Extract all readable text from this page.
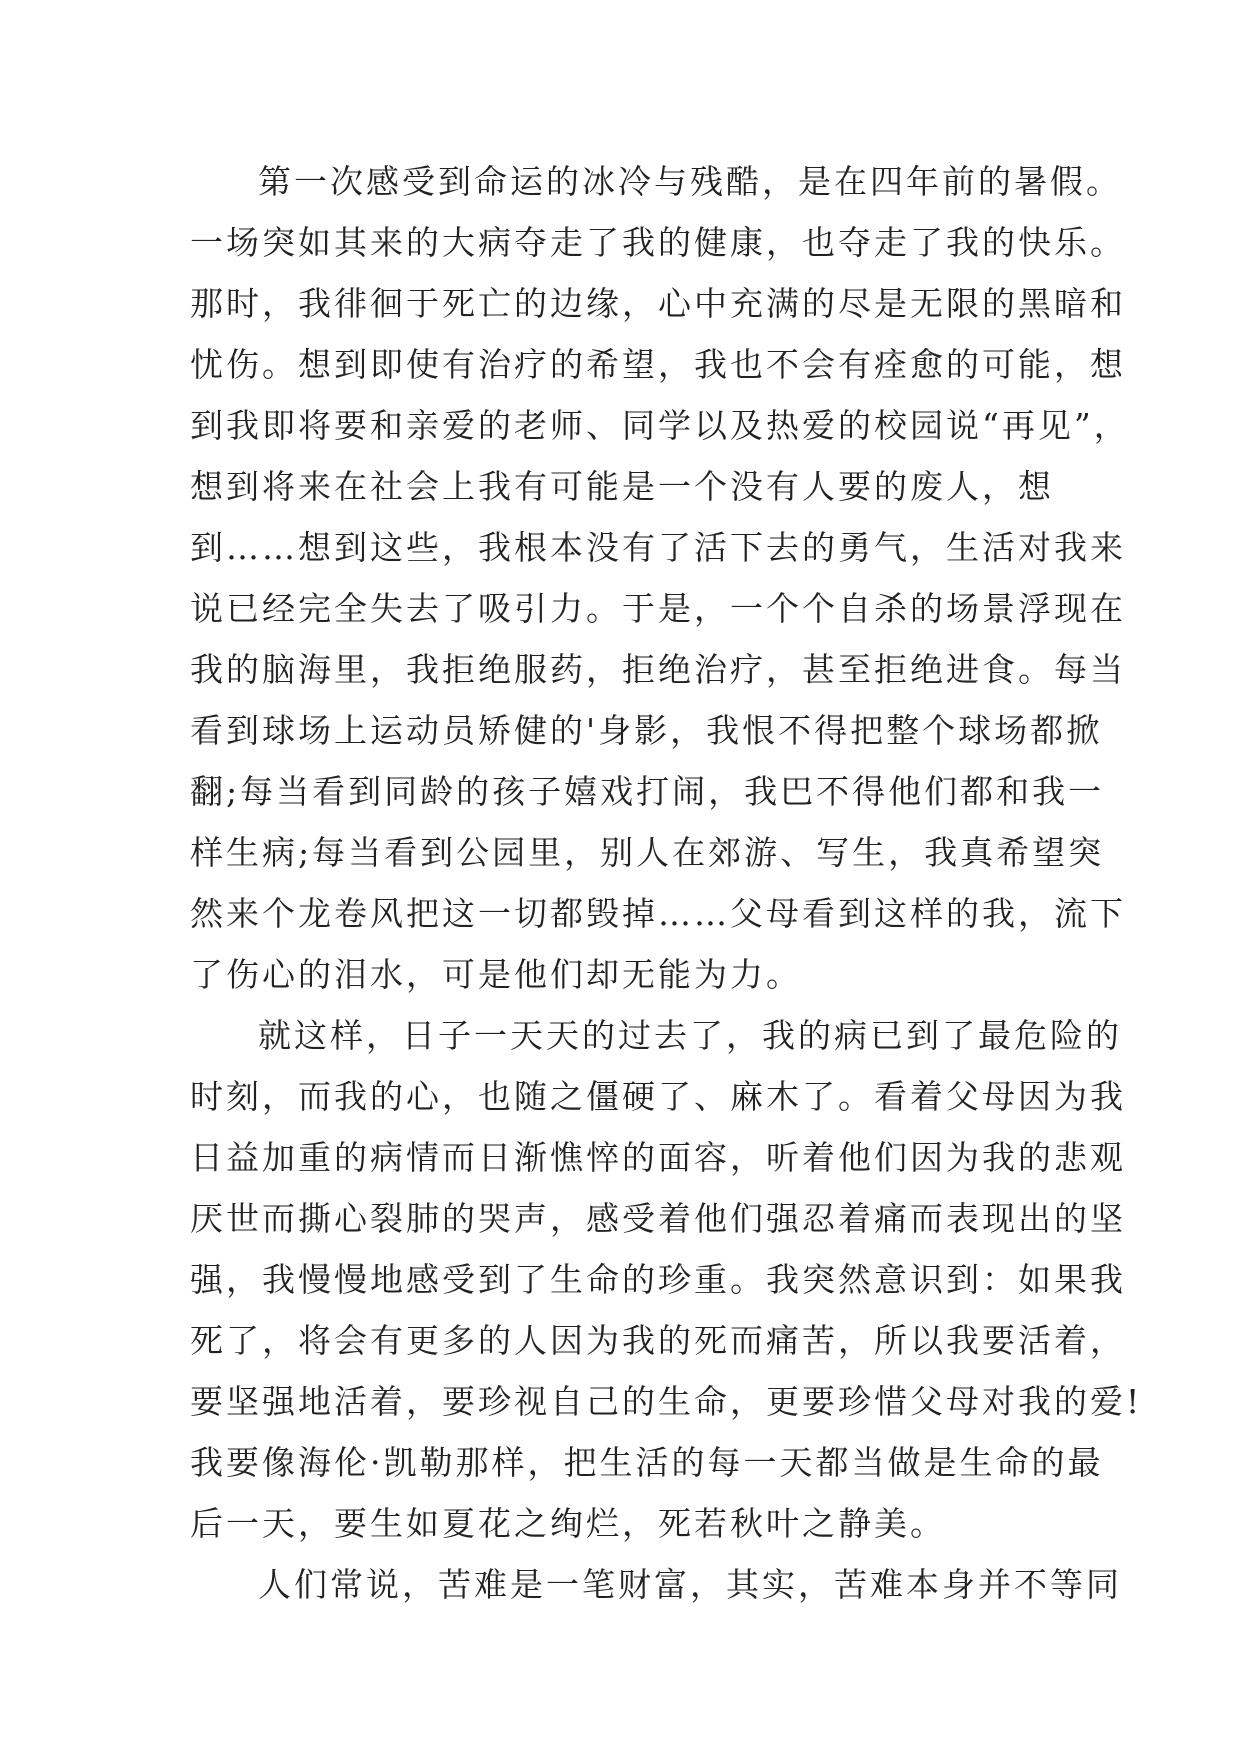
第一次感受到命运的冰冷与残酷，是在四年前的暑假。
一场突如其来的大病夺走了我的健康，也夺走了我的快乐。
那时，我徘徊于死亡的边缘，心中充满的尽是无限的黑暗和
忧伤。想到即使有治疗的希望，我也不会有痊愈的可能，想
到我即将要和亲爱的老师、同学以及热爱的校园说“再见”，
想到将来在社会上我有可能是一个没有人要的废人，想
到……想到这些，我根本没有了活下去的勇气，生活对我来
说已经完全失去了吸引力。于是，一个个自杀的场景浮现在
我的脑海里，我拒绝服药，拒绝治疗，甚至拒绝进食。每当
看到球场上运动员矫健的'身影，我恨不得把整个球场都掀
翻;每当看到同龄的孩子嬉戏打闹，我巴不得他们都和我一
样生病;每当看到公园里，别人在郊游、写生，我真希望突
然来个龙卷风把这一切都毁掉……父母看到这样的我，流下
了伤心的泪水，可是他们却无能为力。
就这样，日子一天天的过去了，我的病已到了最危险的
时刻，而我的心，也随之僵硬了、麻木了。看着父母因为我
日益加重的病情而日渐憔悴的面容，听着他们因为我的悲观
厌世而撕心裂肺的哭声，感受着他们强忍着痛而表现出的坚
强，我慢慢地感受到了生命的珍重。我突然意识到：如果我
死了，将会有更多的人因为我的死而痛苦，所以我要活着，
要坚强地活着，要珍视自己的生命，更要珍惜父母对我的爱!
我要像海伦·凯勒那样，把生活的每一天都当做是生命的最
后一天，要生如夏花之绚烂，死若秋叶之静美。
人们常说，苦难是一笔财富，其实，苦难本身并不等同
